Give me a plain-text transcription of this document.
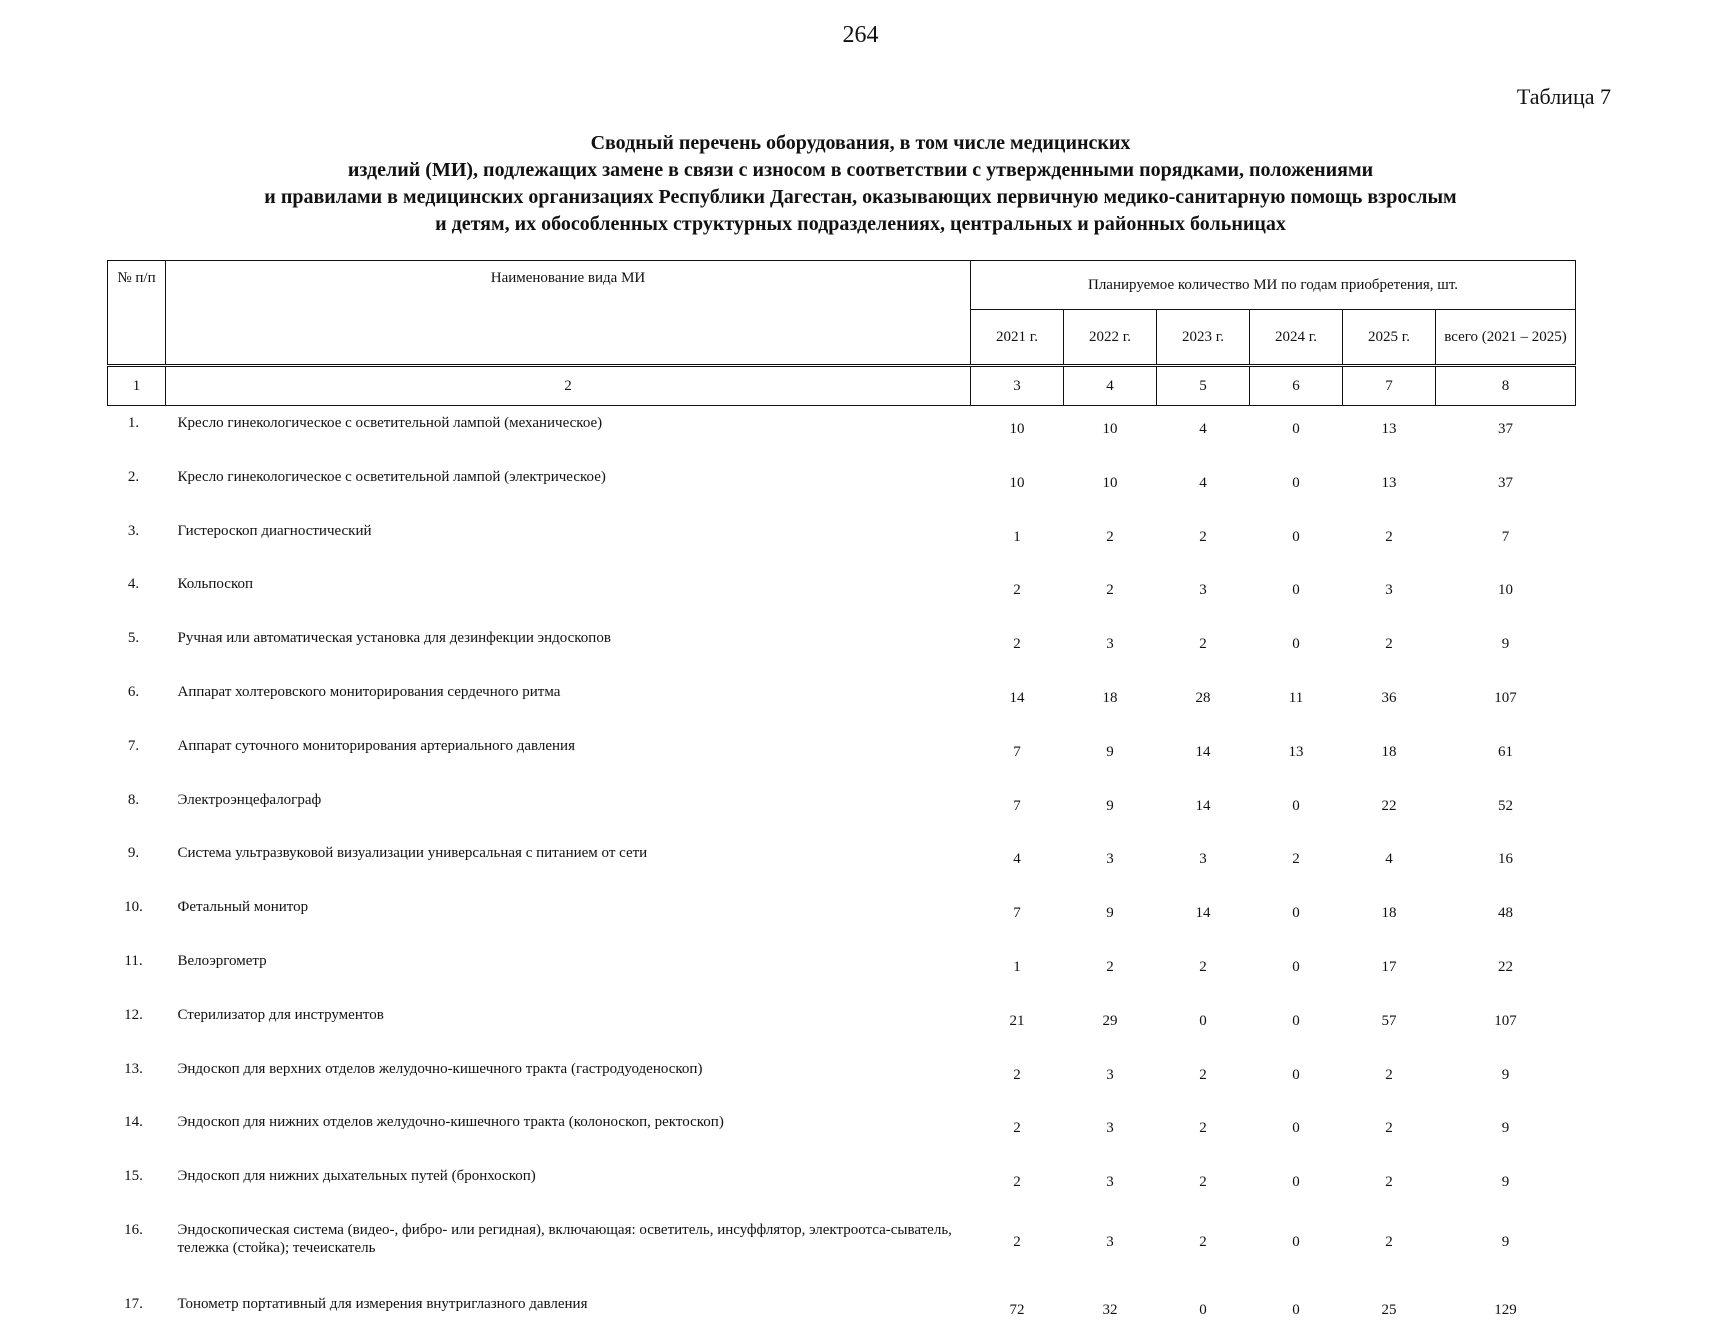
264
Таблица 7
Сводный перечень оборудования, в том числе медицинских
изделий (МИ), подлежащих замене в связи с износом в соответствии с утвержденными порядками, положениями
и правилами в медицинских организациях Республики Дагестан, оказывающих первичную медико-санитарную помощь взрослым
и детям, их обособленных структурных подразделениях, центральных и районных больницах
№ п/п	Наименование вида МИ	Планируемое количество МИ по годам приобретения, шт.					
		2021 г.	2022 г.	2023 г.	2024 г.	2025 г.	всего (2021 – 2025)
1	2	3	4	5	6	7	8
1.	Кресло гинекологическое с осветительной лампой (механическое)	10	10	4	0	13	37
2.	Кресло гинекологическое с осветительной лампой (электрическое)	10	10	4	0	13	37
3.	Гистероскоп диагностический	1	2	2	0	2	7
4.	Кольпоскоп	2	2	3	0	3	10
5.	Ручная или автоматическая установка для дезинфекции эндоскопов	2	3	2	0	2	9
6.	Аппарат холтеровского мониторирования сердечного ритма	14	18	28	11	36	107
7.	Аппарат суточного мониторирования артериального давления	7	9	14	13	18	61
8.	Электроэнцефалограф	7	9	14	0	22	52
9.	Система ультразвуковой визуализации универсальная с питанием от сети	4	3	3	2	4	16
10.	Фетальный монитор	7	9	14	0	18	48
11.	Велоэргометр	1	2	2	0	17	22
12.	Стерилизатор для инструментов	21	29	0	0	57	107
13.	Эндоскоп для верхних отделов желудочно-кишечного тракта (гастродуоденоскоп)	2	3	2	0	2	9
14.	Эндоскоп для нижних отделов желудочно-кишечного тракта (колоноскоп, ректоскоп)	2	3	2	0	2	9
15.	Эндоскоп для нижних дыхательных путей (бронхоскоп)	2	3	2	0	2	9
16.	Эндоскопическая система (видео-, фибро- или регидная), включающая: осветитель, инсуффлятор, электроотса-сыватель, тележка (стойка); течеискатель	2	3	2	0	2	9
17.	Тонометр портативный для измерения внутриглазного давления	72	32	0	0	25	129
